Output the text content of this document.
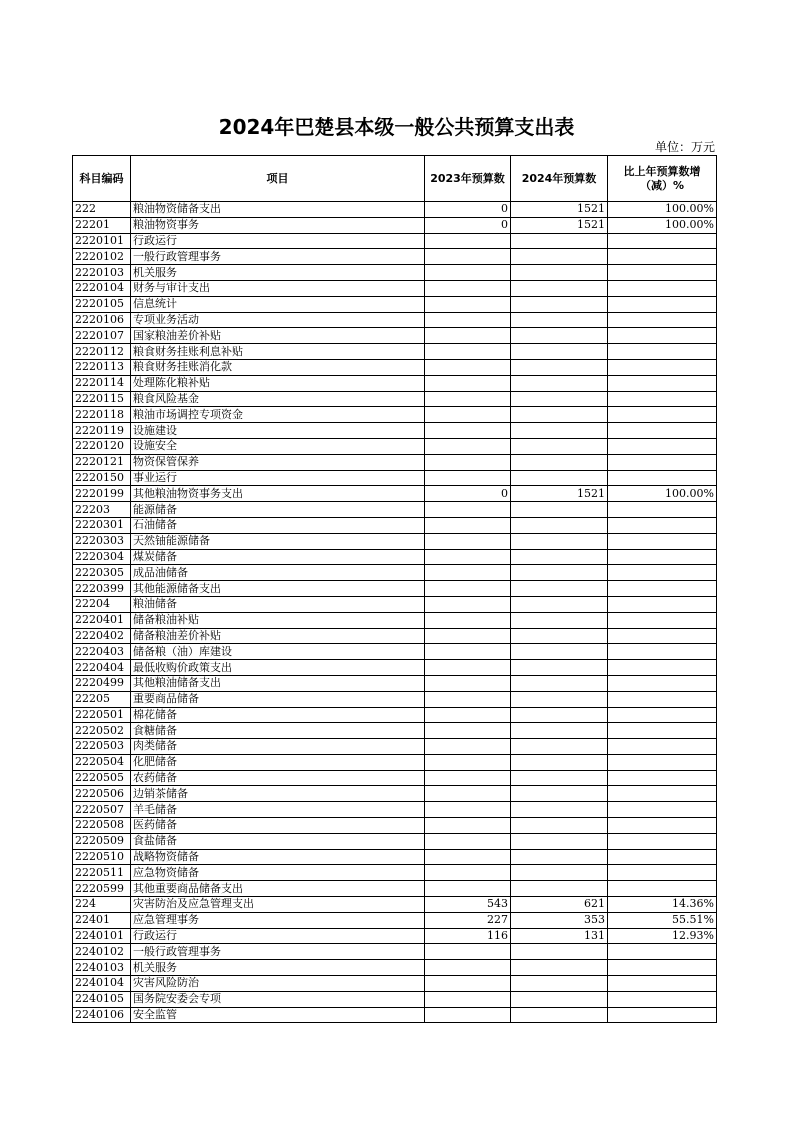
2024年巴楚县本级一般公共预算支出表
单位：万元
科目编码	项目	2023年预算数	2024年预算数	比上年预算数增（减）%
222	粮油物资储备支出	0	1521	100.00%
22201	粮油物资事务	0	1521	100.00%
2220101	行政运行			
2220102	一般行政管理事务			
2220103	机关服务			
2220104	财务与审计支出			
2220105	信息统计			
2220106	专项业务活动			
2220107	国家粮油差价补贴			
2220112	粮食财务挂账利息补贴			
2220113	粮食财务挂账消化款			
2220114	处理陈化粮补贴			
2220115	粮食风险基金			
2220118	粮油市场调控专项资金			
2220119	设施建设			
2220120	设施安全			
2220121	物资保管保养			
2220150	事业运行			
2220199	其他粮油物资事务支出	0	1521	100.00%
22203	能源储备			
2220301	石油储备			
2220303	天然铀能源储备			
2220304	煤炭储备			
2220305	成品油储备			
2220399	其他能源储备支出			
22204	粮油储备			
2220401	储备粮油补贴			
2220402	储备粮油差价补贴			
2220403	储备粮（油）库建设			
2220404	最低收购价政策支出			
2220499	其他粮油储备支出			
22205	重要商品储备			
2220501	棉花储备			
2220502	食糖储备			
2220503	肉类储备			
2220504	化肥储备			
2220505	农药储备			
2220506	边销茶储备			
2220507	羊毛储备			
2220508	医药储备			
2220509	食盐储备			
2220510	战略物资储备			
2220511	应急物资储备			
2220599	其他重要商品储备支出			
224	灾害防治及应急管理支出	543	621	14.36%
22401	应急管理事务	227	353	55.51%
2240101	行政运行	116	131	12.93%
2240102	一般行政管理事务			
2240103	机关服务			
2240104	灾害风险防治			
2240105	国务院安委会专项			
2240106	安全监管			
